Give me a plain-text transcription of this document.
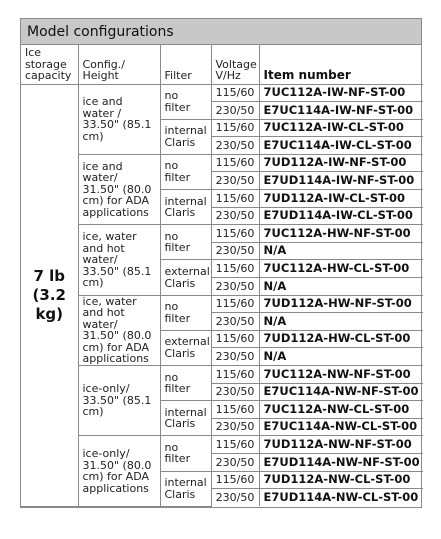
Model configurations
Ice storage capacity	Config./ Height	Filter	Voltage V/Hz	Item number
7 lb (3.2 kg)	ice and water / 33.50" (85.1 cm)	no filter	115/60	7UC112A-IW-NF-ST-00
			230/50	E7UC114A-IW-NF-ST-00
		internal Claris	115/60	7UC112A-IW-CL-ST-00
			230/50	E7UC114A-IW-CL-ST-00
	ice and water/ 31.50" (80.0 cm) for ADA applications	no filter	115/60	7UD112A-IW-NF-ST-00
			230/50	E7UD114A-IW-NF-ST-00
		internal Claris	115/60	7UD112A-IW-CL-ST-00
			230/50	E7UD114A-IW-CL-ST-00
	ice, water and hot water/ 33.50" (85.1 cm)	no filter	115/60	7UC112A-HW-NF-ST-00
			230/50	N/A
		external Claris	115/60	7UC112A-HW-CL-ST-00
			230/50	N/A
	ice, water and hot water/ 31.50" (80.0 cm) for ADA applications	no filter	115/60	7UD112A-HW-NF-ST-00
			230/50	N/A
		external Claris	115/60	7UD112A-HW-CL-ST-00
			230/50	N/A
	ice-only/ 33.50" (85.1 cm)	no filter	115/60	7UC112A-NW-NF-ST-00
			230/50	E7UC114A-NW-NF-ST-00
		internal Claris	115/60	7UC112A-NW-CL-ST-00
			230/50	E7UC114A-NW-CL-ST-00
	ice-only/ 31.50" (80.0 cm) for ADA applications	no filter	115/60	7UD112A-NW-NF-ST-00
			230/50	E7UD114A-NW-NF-ST-00
		internal Claris	115/60	7UD112A-NW-CL-ST-00
			230/50	E7UD114A-NW-CL-ST-00
